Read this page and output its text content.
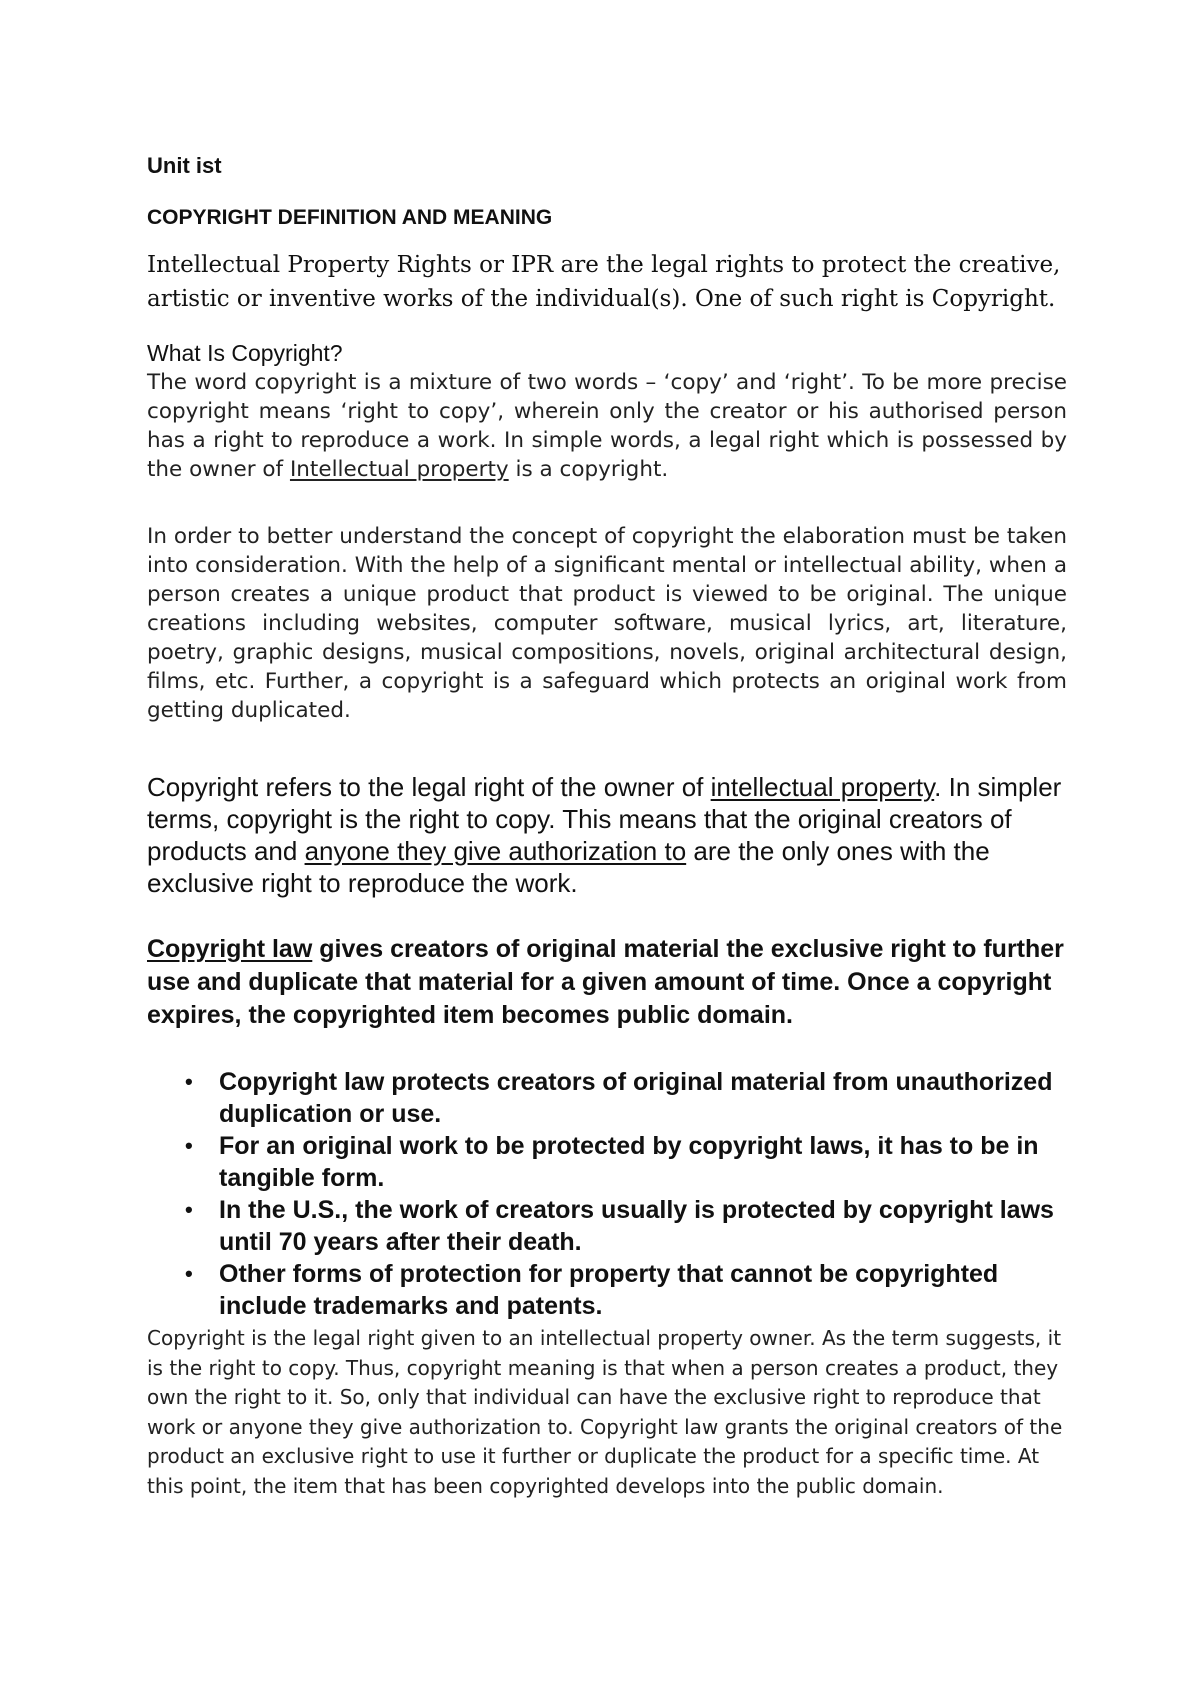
Unit ist

COPYRIGHT DEFINITION AND MEANING

Intellectual Property Rights or IPR are the legal rights to protect the creative, artistic or inventive works of the individual(s). One of such right is Copyright.

What Is Copyright?

The word copyright is a mixture of two words – ‘copy’ and ‘right’. To be more precise copyright means ‘right to copy’, wherein only the creator or his authorised person has a right to reproduce a work. In simple words, a legal right which is possessed by the owner of Intellectual property is a copyright.

In order to better understand the concept of copyright the elaboration must be taken into consideration. With the help of a significant mental or intellectual ability, when a person creates a unique product that product is viewed to be original. The unique creations including websites, computer software, musical lyrics, art, literature, poetry, graphic designs, musical compositions, novels, original architectural design, films, etc. Further, a copyright is a safeguard which protects an original work from getting duplicated.

Copyright refers to the legal right of the owner of intellectual property. In simpler terms, copyright is the right to copy. This means that the original creators of products and anyone they give authorization to are the only ones with the exclusive right to reproduce the work.

Copyright law gives creators of original material the exclusive right to further use and duplicate that material for a given amount of time. Once a copyright expires, the copyrighted item becomes public domain.

• Copyright law protects creators of original material from unauthorized duplication or use.
• For an original work to be protected by copyright laws, it has to be in tangible form.
• In the U.S., the work of creators usually is protected by copyright laws until 70 years after their death.
• Other forms of protection for property that cannot be copyrighted include trademarks and patents.

Copyright is the legal right given to an intellectual property owner. As the term suggests, it is the right to copy. Thus, copyright meaning is that when a person creates a product, they own the right to it. So, only that individual can have the exclusive right to reproduce that work or anyone they give authorization to. Copyright law grants the original creators of the product an exclusive right to use it further or duplicate the product for a specific time. At this point, the item that has been copyrighted develops into the public domain.
